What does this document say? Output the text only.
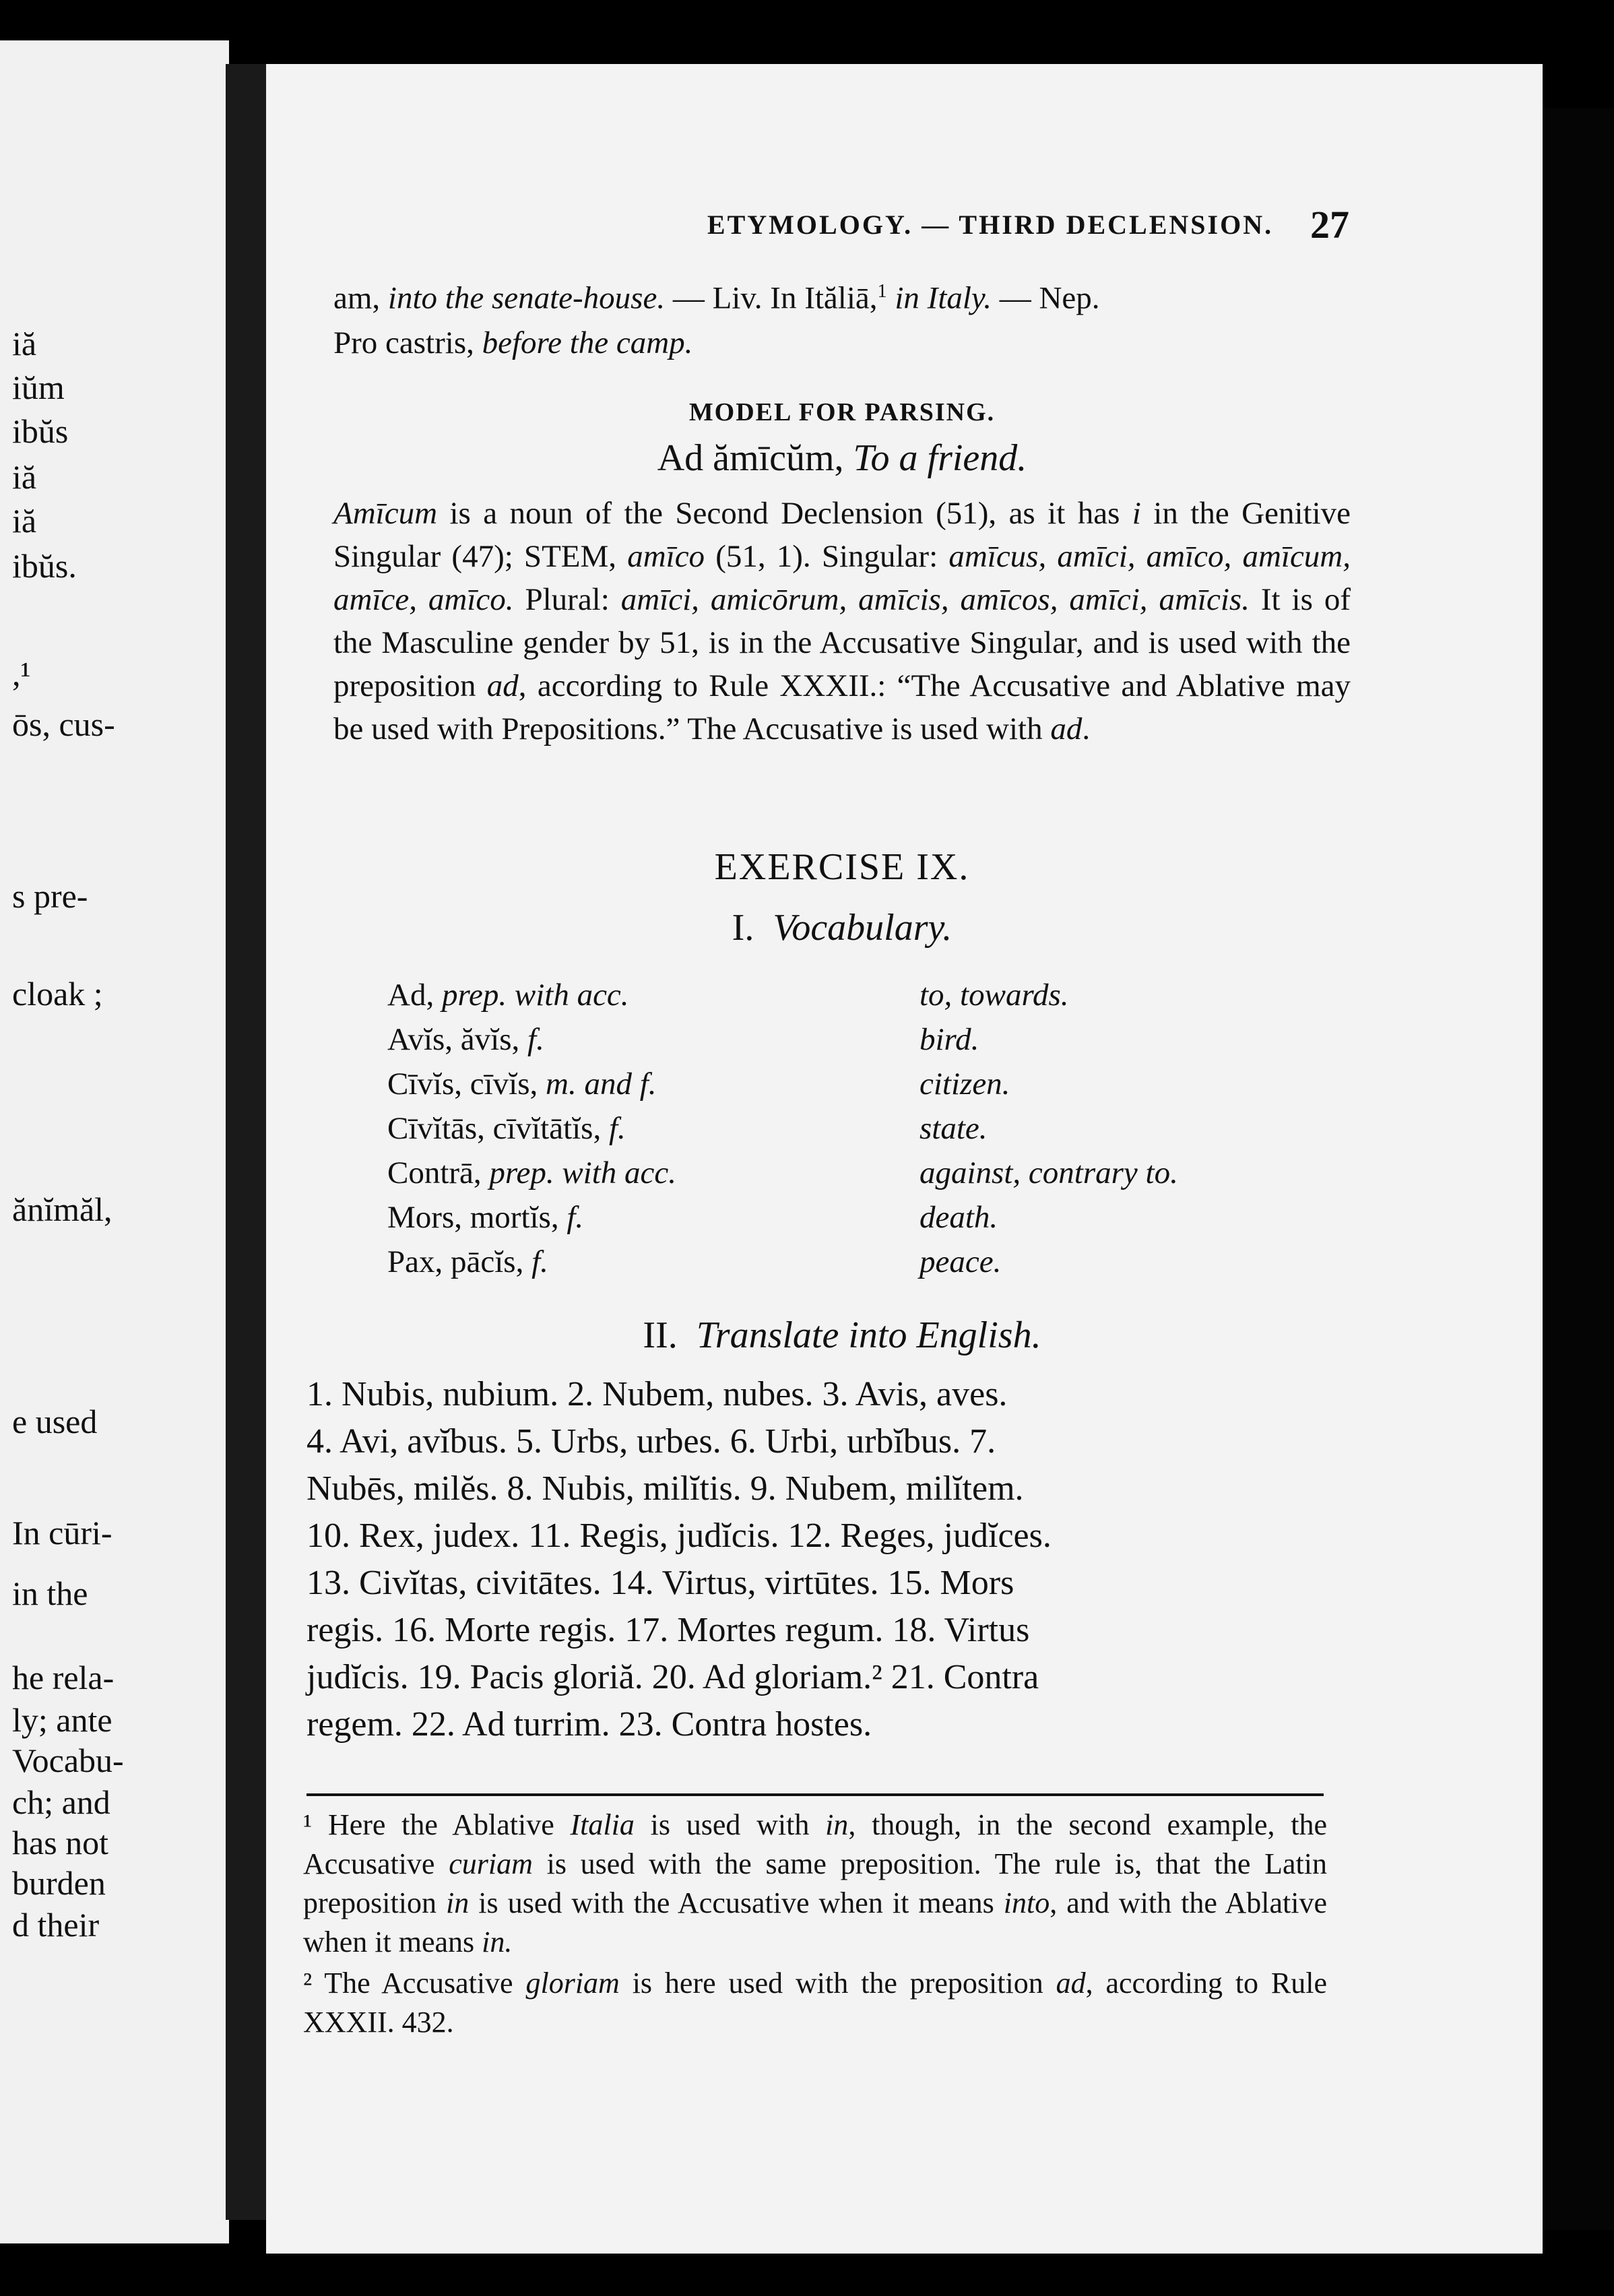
iă
iŭm
ibŭs
iă
iă
ibŭs.
,¹
ōs, cus-
s pre-
cloak ;
ănĭmăl,
e used
In cūri-
in the
he rela-
ly; ante
Vocabu-
ch; and
has not
burden
d their
ETYMOLOGY. — THIRD DECLENSION. 27
am, into the senate-house. — Liv. In Ităliā,$^1$ in Italy. — Nep.
Pro castris, before the camp.
MODEL FOR PARSING.
Ad ămīcŭm, To a friend.
Amīcum is a noun of the Second Declension (51), as it has i in the Genitive Singular (47); STEM, amīco (51, 1). Singular: amīcus, amīci, amīco, amīcum, amīce, amīco. Plural: amīci, amicōrum, amīcis, amīcos, amīci, amīcis. It is of the Masculine gender by 51, is in the Accusative Singular, and is used with the preposition ad, according to Rule XXXII.: “The Accusative and Ablative may be used with Prepositions.” The Accusative is used with ad.
EXERCISE IX.
I. Vocabulary.
Ad, prep. with acc.	to, towards.
Avĭs, ăvĭs, f.	bird.
Cīvĭs, cīvĭs, m. and f.	citizen.
Cīvĭtās, cīvĭtātĭs, f.	state.
Contrā, prep. with acc.	against, contrary to.
Mors, mortĭs, f.	death.
Pax, pācĭs, f.	peace.
II. Translate into English.
1. Nubis, nubium. 2. Nubem, nubes. 3. Avis, aves.
4. Avi, avĭbus. 5. Urbs, urbes. 6. Urbi, urbĭbus. 7.
Nubēs, milĕs. 8. Nubis, milĭtis. 9. Nubem, milĭtem.
10. Rex, judex. 11. Regis, judĭcis. 12. Reges, judĭces.
13. Civĭtas, civitātes. 14. Virtus, virtūtes. 15. Mors
regis. 16. Morte regis. 17. Mortes regum. 18. Virtus
judĭcis. 19. Pacis gloriă. 20. Ad gloriam.² 21. Contra
regem. 22. Ad turrim. 23. Contra hostes.
¹ Here the Ablative Italia is used with in, though, in the second example, the Accusative curiam is used with the same preposition. The rule is, that the Latin preposition in is used with the Accusative when it means into, and with the Ablative when it means in.
² The Accusative gloriam is here used with the preposition ad, according to Rule XXXII. 432.
